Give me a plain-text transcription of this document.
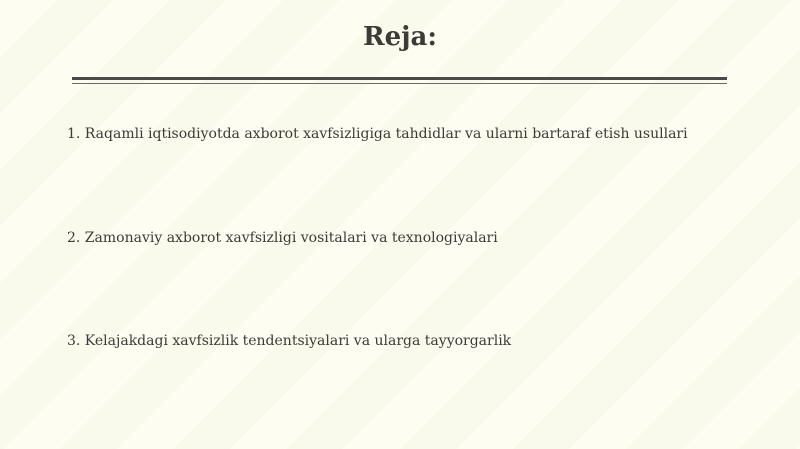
Reja:
1. Raqamli iqtisodiyotda axborot xavfsizligiga tahdidlar va ularni bartaraf etish usullari
2. Zamonaviy axborot xavfsizligi vositalari va texnologiyalari
3. Kelajakdagi xavfsizlik tendentsiyalari va ularga tayyorgarlik
